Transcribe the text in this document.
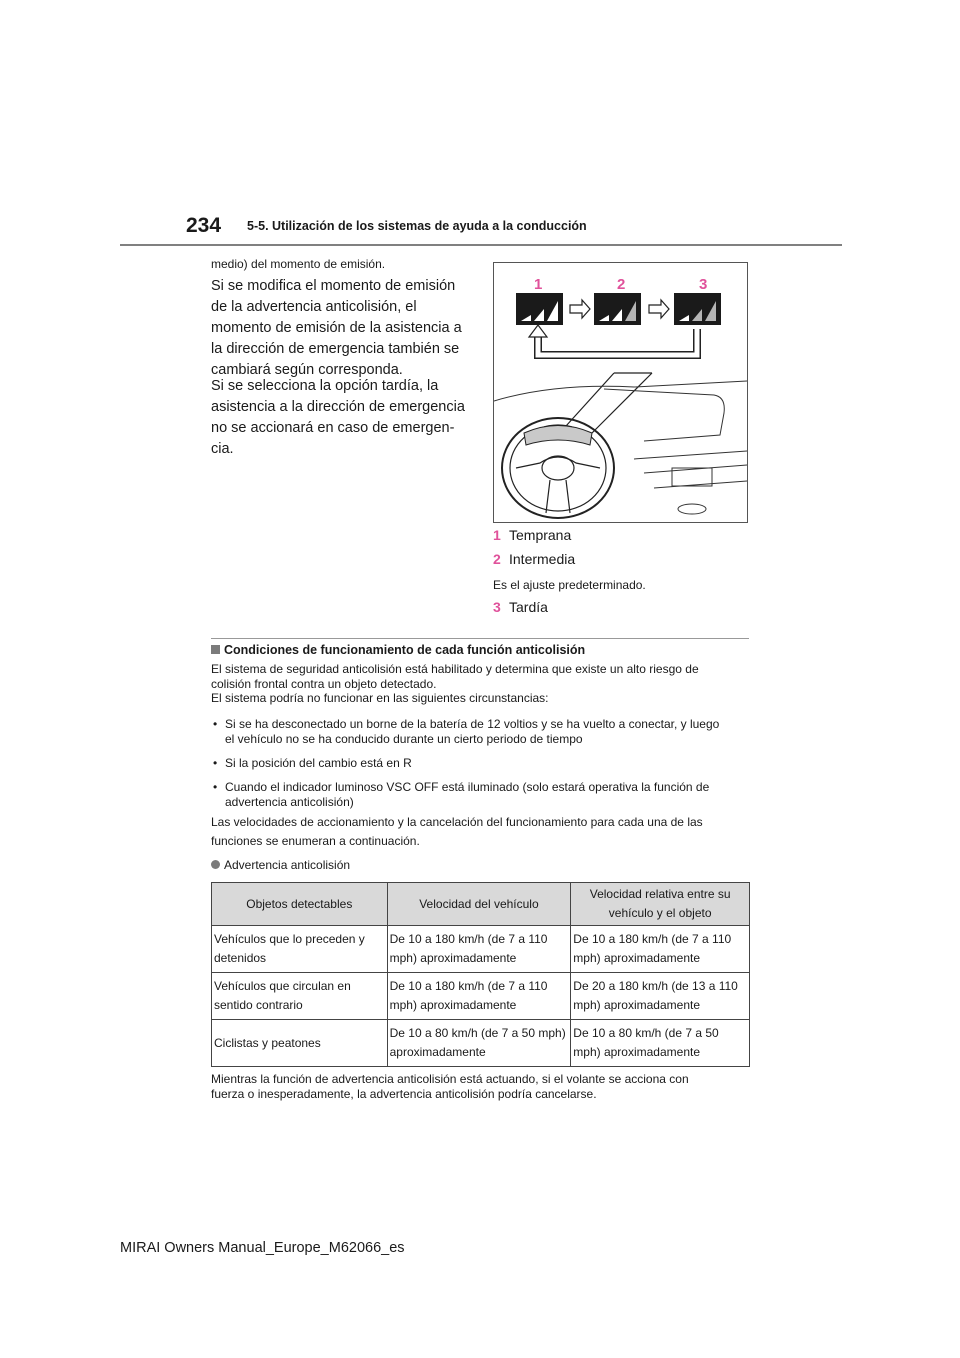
234 5-5. Utilización de los sistemas de ayuda a la conducción
medio) del momento de emisión.
Si se modifica el momento de emisión de la advertencia anticolisión, el momento de emisión de la asistencia a la dirección de emergencia también se cambiará según corresponda.
Si se selecciona la opción tardía, la asistencia a la dirección de emergencia no se accionará en caso de emergen-cia.
1	2	3
1 Temprana
2 Intermedia
Es el ajuste predeterminado.
3 Tardía
Condiciones de funcionamiento de cada función anticolisión
El sistema de seguridad anticolisión está habilitado y determina que existe un alto riesgo de
colisión frontal contra un objeto detectado.
El sistema podría no funcionar en las siguientes circunstancias:
• Si se ha desconectado un borne de la batería de 12 voltios y se ha vuelto a conectar, y luego
el vehículo no se ha conducido durante un cierto periodo de tiempo
• Si la posición del cambio está en R
• Cuando el indicador luminoso VSC OFF está iluminado (solo estará operativa la función de
advertencia anticolisión)
Las velocidades de accionamiento y la cancelación del funcionamiento para cada una de las
funciones se enumeran a continuación.
Advertencia anticolisión
Objetos detectables	Velocidad del vehículo	Velocidad relativa entre su vehículo y el objeto
Vehículos que lo preceden y detenidos	De 10 a 180 km/h (de 7 a 110 mph) aproximadamente	De 10 a 180 km/h (de 7 a 110 mph) aproximadamente
Vehículos que circulan en sentido contrario	De 10 a 180 km/h (de 7 a 110 mph) aproximadamente	De 20 a 180 km/h (de 13 a 110 mph) aproximadamente
Ciclistas y peatones	De 10 a 80 km/h (de 7 a 50 mph) aproximadamente	De 10 a 80 km/h (de 7 a 50 mph) aproximadamente
Mientras la función de advertencia anticolisión está actuando, si el volante se acciona con
fuerza o inesperadamente, la advertencia anticolisión podría cancelarse.
MIRAI Owners Manual_Europe_M62066_es
